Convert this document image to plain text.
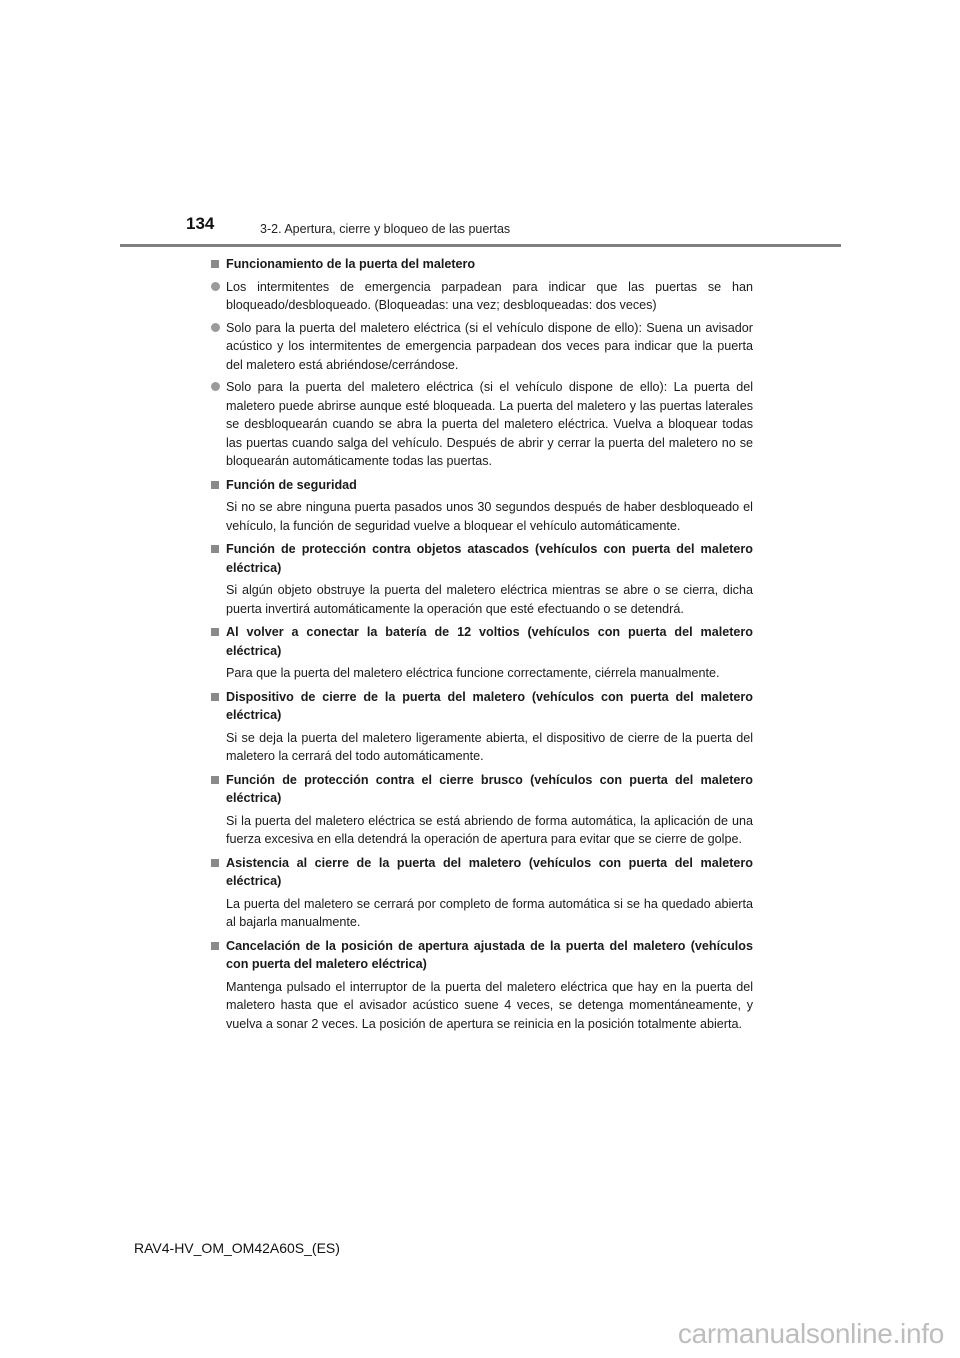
134	3-2. Apertura, cierre y bloqueo de las puertas
Funcionamiento de la puerta del maletero
Los intermitentes de emergencia parpadean para indicar que las puertas se han bloqueado/desbloqueado. (Bloqueadas: una vez; desbloqueadas: dos veces)
Solo para la puerta del maletero eléctrica (si el vehículo dispone de ello): Suena un avisador acústico y los intermitentes de emergencia parpadean dos veces para indicar que la puerta del maletero está abriéndose/cerrándose.
Solo para la puerta del maletero eléctrica (si el vehículo dispone de ello): La puerta del maletero puede abrirse aunque esté bloqueada. La puerta del maletero y las puertas laterales se desbloquearán cuando se abra la puerta del maletero eléctrica. Vuelva a bloquear todas las puertas cuando salga del vehículo. Después de abrir y cerrar la puerta del maletero no se bloquearán automáticamente todas las puertas.
Función de seguridad
Si no se abre ninguna puerta pasados unos 30 segundos después de haber desbloqueado el vehículo, la función de seguridad vuelve a bloquear el vehículo automáticamente.
Función de protección contra objetos atascados (vehículos con puerta del maletero eléctrica)
Si algún objeto obstruye la puerta del maletero eléctrica mientras se abre o se cierra, dicha puerta invertirá automáticamente la operación que esté efectuando o se detendrá.
Al volver a conectar la batería de 12 voltios (vehículos con puerta del maletero eléctrica)
Para que la puerta del maletero eléctrica funcione correctamente, ciérrela manualmente.
Dispositivo de cierre de la puerta del maletero (vehículos con puerta del maletero eléctrica)
Si se deja la puerta del maletero ligeramente abierta, el dispositivo de cierre de la puerta del maletero la cerrará del todo automáticamente.
Función de protección contra el cierre brusco (vehículos con puerta del maletero eléctrica)
Si la puerta del maletero eléctrica se está abriendo de forma automática, la aplicación de una fuerza excesiva en ella detendrá la operación de apertura para evitar que se cierre de golpe.
Asistencia al cierre de la puerta del maletero (vehículos con puerta del maletero eléctrica)
La puerta del maletero se cerrará por completo de forma automática si se ha quedado abierta al bajarla manualmente.
Cancelación de la posición de apertura ajustada de la puerta del maletero (vehículos con puerta del maletero eléctrica)
Mantenga pulsado el interruptor de la puerta del maletero eléctrica que hay en la puerta del maletero hasta que el avisador acústico suene 4 veces, se detenga momentáneamente, y vuelva a sonar 2 veces. La posición de apertura se reinicia en la posición totalmente abierta.
RAV4-HV_OM_OM42A60S_(ES)
carmanualsonline.info
